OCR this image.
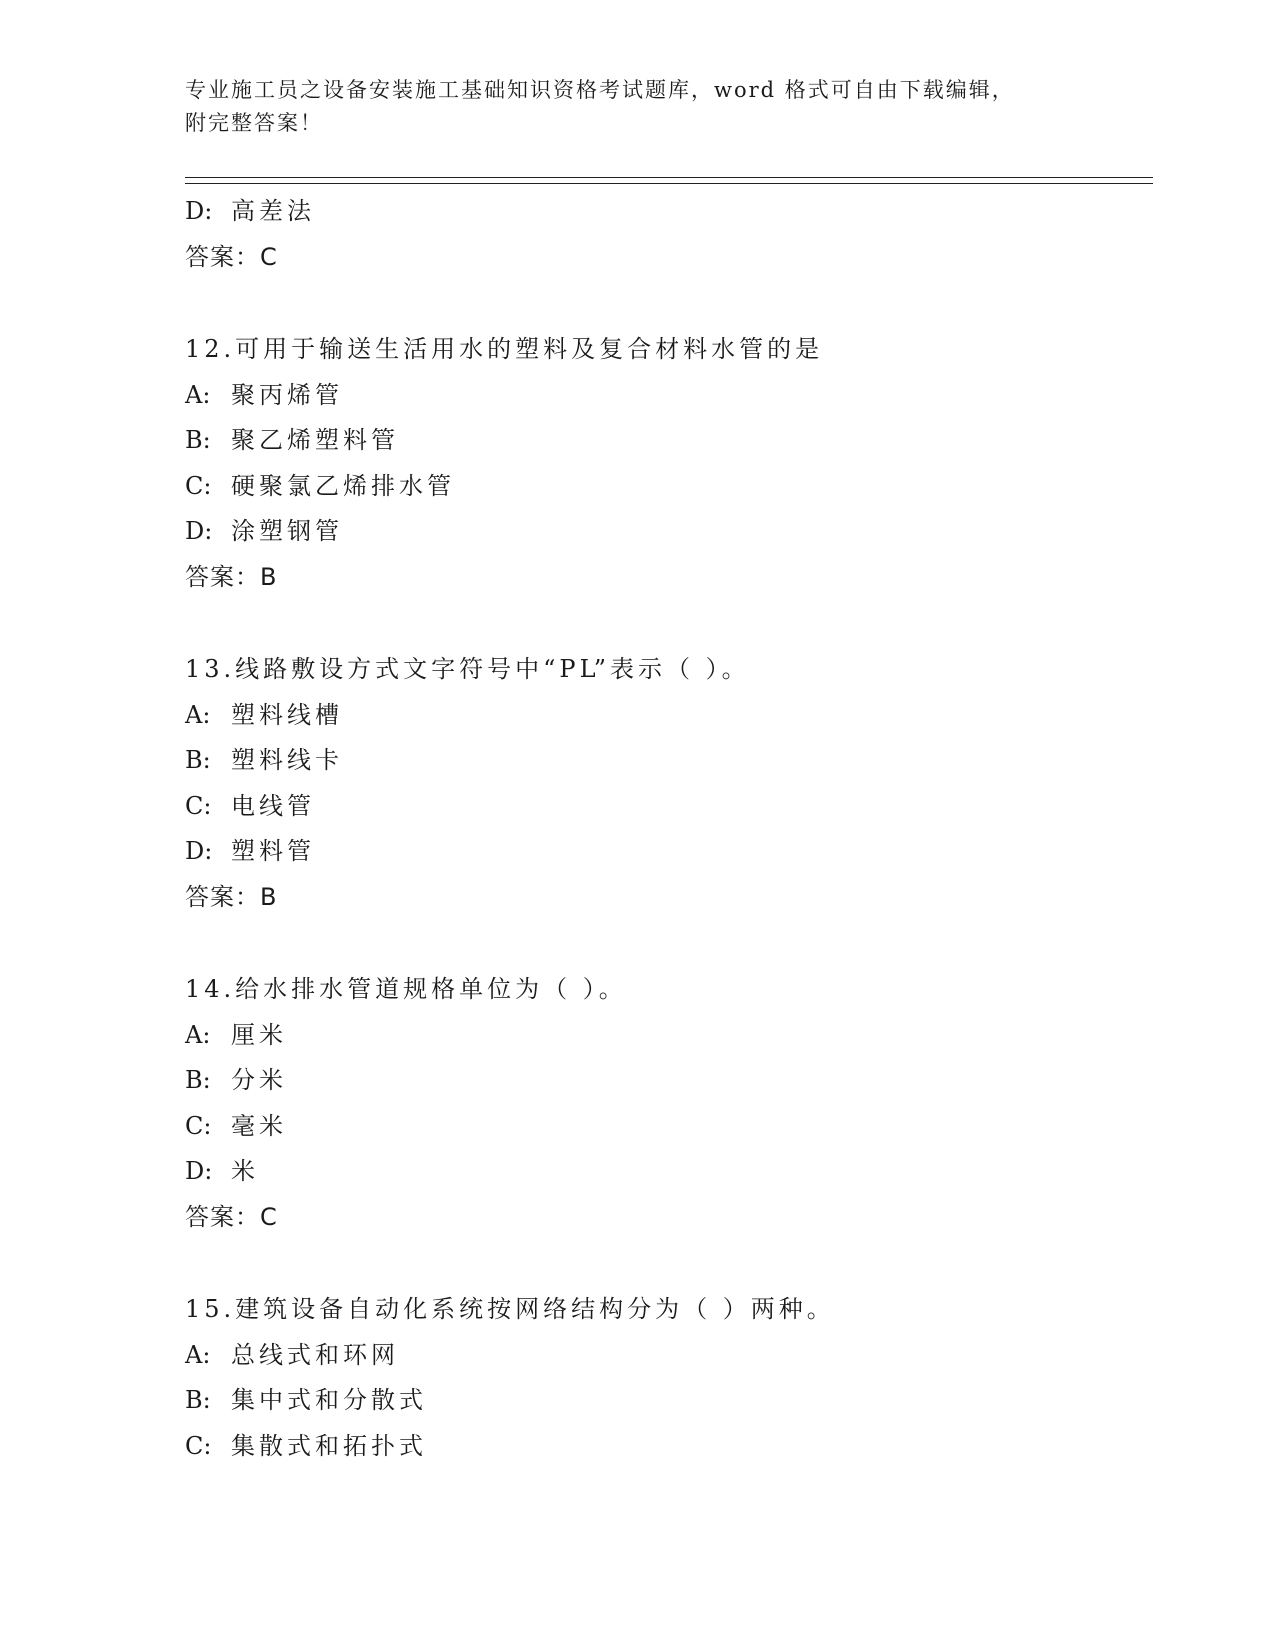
专业施工员之设备安装施工基础知识资格考试题库，word 格式可自由下载编辑，
附完整答案！
D: 高差法
答案：C
12.可用于输送生活用水的塑料及复合材料水管的是
A: 聚丙烯管
B: 聚乙烯塑料管
C: 硬聚氯乙烯排水管
D: 涂塑钢管
答案：B
13.线路敷设方式文字符号中“PL”表示（ ）。
A: 塑料线槽
B: 塑料线卡
C: 电线管
D: 塑料管
答案：B
14.给水排水管道规格单位为（ ）。
A: 厘米
B: 分米
C: 毫米
D: 米
答案：C
15.建筑设备自动化系统按网络结构分为（ ）两种。
A: 总线式和环网
B: 集中式和分散式
C: 集散式和拓扑式
